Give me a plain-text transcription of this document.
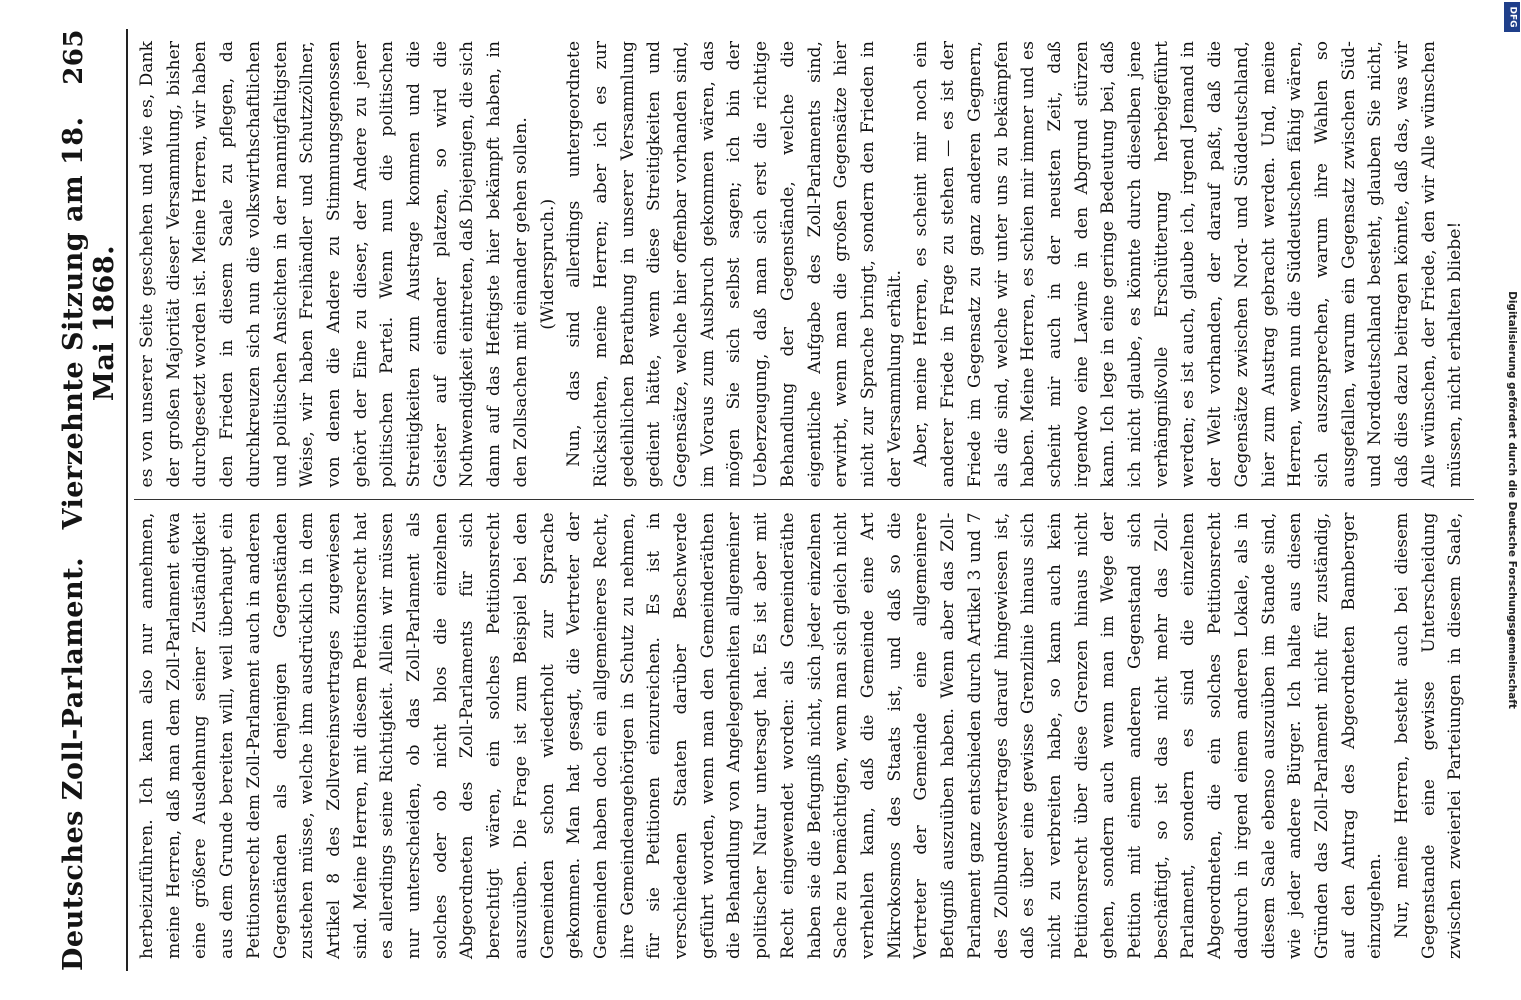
Deutsches Zoll-Parlament.
Vierzehnte Sitzung am 18. Mai 1868.
265

herbeizuführen. Ich kann also nur annehmen, meine Herren, daß man dem Zoll-Parlament etwa eine größere Ausdehnung seiner Zuständigkeit aus dem Grunde bereiten will, weil überhaupt ein Petitionsrecht dem Zoll-Parlament auch in anderen Gegenständen als denjenigen Gegenständen zustehen müsse, welche ihm ausdrücklich in dem Artikel 8 des Zollvereinsvertrages zugewiesen sind. Meine Herren, mit diesem Petitionsrecht hat es allerdings seine Richtigkeit. Allein wir müssen nur unterscheiden, ob das Zoll-Parlament als solches oder ob nicht blos die einzelnen Abgeordneten des Zoll-Parlaments für sich berechtigt wären, ein solches Petitionsrecht auszuüben. Die Frage ist zum Beispiel bei den Gemeinden schon wiederholt zur Sprache gekommen. Man hat gesagt, die Vertreter der Gemeinden haben doch ein allgemeineres Recht, ihre Gemeindeangehörigen in Schutz zu nehmen, für sie Petitionen einzureichen. Es ist in verschiedenen Staaten darüber Beschwerde geführt worden, wenn man den Gemeinderäthen die Behandlung von Angelegenheiten allgemeiner politischer Natur untersagt hat. Es ist aber mit Recht eingewendet worden: als Gemeinderäthe haben sie die Befugniß nicht, sich jeder einzelnen Sache zu bemächtigen, wenn man sich gleich nicht verhehlen kann, daß die Gemeinde eine Art Mikrokosmos des Staats ist, und daß so die Vertreter der Gemeinde eine allgemeinere Befugniß auszuüben haben. Wenn aber das Zoll-Parlament ganz entschieden durch Artikel 3 und 7 des Zollbundesvertrages darauf hingewiesen ist, daß es über eine gewisse Grenzlinie hinaus sich nicht zu verbreiten habe, so kann auch kein Petitionsrecht über diese Grenzen hinaus nicht gehen, sondern auch wenn man im Wege der Petition mit einem anderen Gegenstand sich beschäftigt, so ist das nicht mehr das Zoll-Parlament, sondern es sind die einzelnen Abgeordneten, die ein solches Petitionsrecht dadurch in irgend einem anderen Lokale, als in diesem Saale ebenso auszuüben im Stande sind, wie jeder andere Bürger. Ich halte aus diesen Gründen das Zoll-Parlament nicht für zuständig, auf den Antrag des Abgeordneten Bamberger einzugehen. Nur, meine Herren, besteht auch bei diesem Gegenstande eine gewisse Unterscheidung zwischen zweierlei Parteiungen in diesem Saale,

es von unserer Seite geschehen und wie es, Dank der großen Majorität dieser Versammlung, bisher durchgesetzt worden ist. Meine Herren, wir haben den Frieden in diesem Saale zu pflegen, da durchkreuzen sich nun die volkswirthschaftlichen und politischen Ansichten in der mannigfaltigsten Weise, wir haben Freihändler und Schutzzöllner, von denen die Andere zu Stimmungsgenossen gehört der Eine zu dieser, der Andere zu jener politischen Partei. Wenn nun die politischen Streitigkeiten zum Austrage kommen und die Geister auf einander platzen, so wird die Nothwendigkeit eintreten, daß Diejenigen, die sich dann auf das Heftigste hier bekämpft haben, in den Zollsachen mit einander gehen sollen. (Widerspruch.) Nun, das sind allerdings untergeordnete Rücksichten, meine Herren; aber ich es zur gedeihlichen Berathung in unserer Versammlung gedient hätte, wenn diese Streitigkeiten und Gegensätze, welche hier offenbar vorhanden sind, im Voraus zum Ausbruch gekommen wären, das mögen Sie sich selbst sagen; ich bin der Ueberzeugung, daß man sich erst die richtige Behandlung der Gegenstände, welche die eigentliche Aufgabe des Zoll-Parlaments sind, erwirbt, wenn man die großen Gegensätze hier nicht zur Sprache bringt, sondern den Frieden in der Versammlung erhält. Aber, meine Herren, es scheint mir noch ein anderer Friede in Frage zu stehen — es ist der Friede im Gegensatz zu ganz anderen Gegnern, als die sind, welche wir unter uns zu bekämpfen haben. Meine Herren, es schien mir immer und es scheint mir auch in der neusten Zeit, daß irgendwo eine Lawine in den Abgrund stürzen kann. Ich lege in eine geringe Bedeutung bei, daß ich nicht glaube, es könnte durch dieselben jene verhängnißvolle Erschütterung herbeigeführt werden; es ist auch, glaube ich, irgend Jemand in der Welt vorhanden, der darauf paßt, daß die Gegensätze zwischen Nord- und Süddeutschland, hier zum Austrag gebracht werden. Und, meine Herren, wenn nun die Süddeutschen fähig wären, sich auszusprechen, warum ihre Wahlen so ausgefallen, warum ein Gegensatz zwischen Süd- und Norddeutschland besteht, glauben Sie nicht, daß dies dazu beitragen könnte, daß das, was wir Alle wünschen, der Friede, den wir Alle wünschen müssen, nicht erhalten bliebe!

DFG
Digitalisierung gefördert durch die Deutsche Forschungsgemeinschaft
